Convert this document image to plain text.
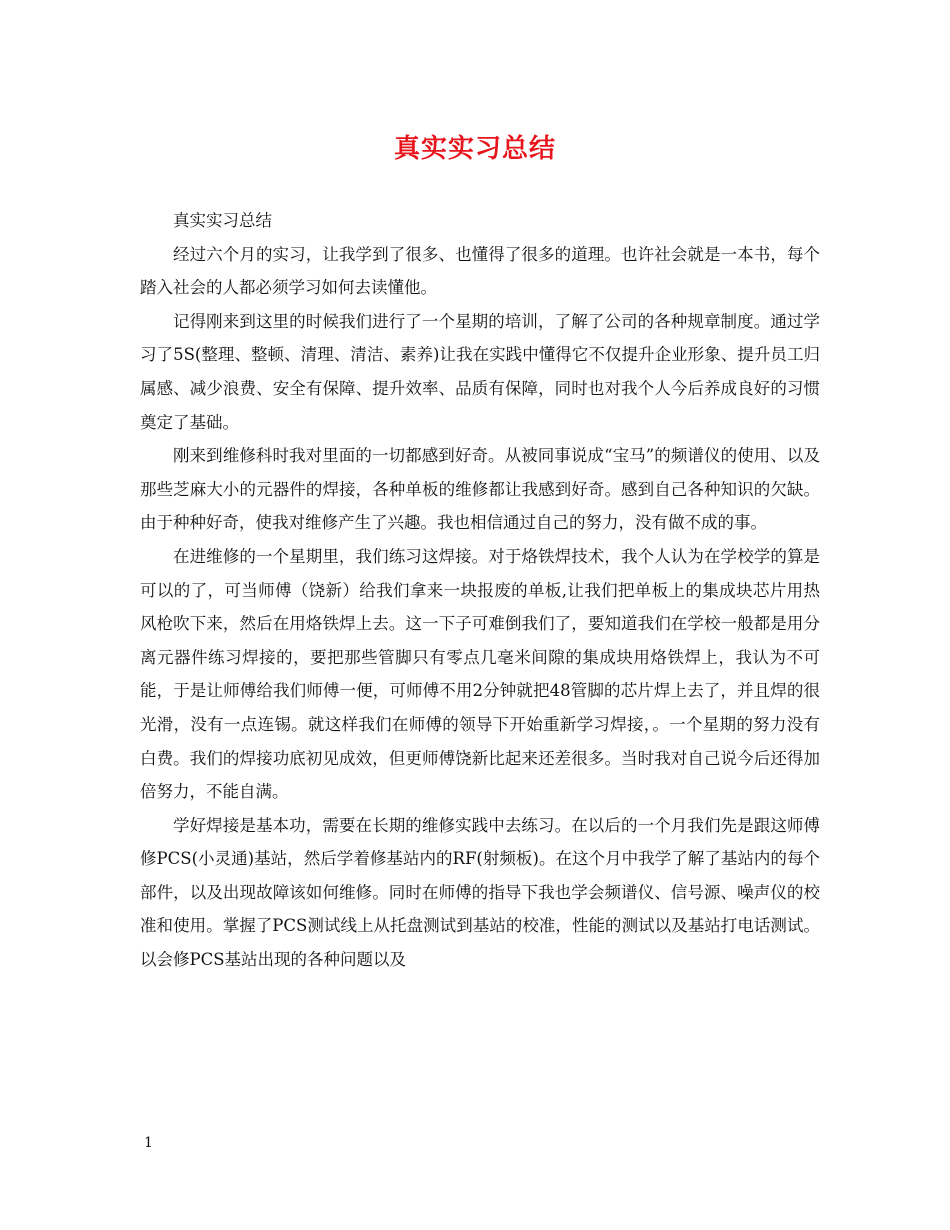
真实实习总结

真实实习总结

经过六个月的实习，让我学到了很多、也懂得了很多的道理。也许社会就是一本书，每个踏入社会的人都必须学习如何去读懂他。

记得刚来到这里的时候我们进行了一个星期的培训，了解了公司的各种规章制度。通过学习了5S(整理、整顿、清理、清洁、素养)让我在实践中懂得它不仅提升企业形象、提升员工归属感、减少浪费、安全有保障、提升效率、品质有保障，同时也对我个人今后养成良好的习惯奠定了基础。

刚来到维修科时我对里面的一切都感到好奇。从被同事说成“宝马”的频谱仪的使用、以及那些芝麻大小的元器件的焊接，各种单板的维修都让我感到好奇。感到自己各种知识的欠缺。由于种种好奇，使我对维修产生了兴趣。我也相信通过自己的努力，没有做不成的事。

在进维修的一个星期里，我们练习这焊接。对于烙铁焊技术，我个人认为在学校学的算是可以的了，可当师傅（饶新）给我们拿来一块报废的单板,让我们把单板上的集成块芯片用热风枪吹下来，然后在用烙铁焊上去。这一下子可难倒我们了，要知道我们在学校一般都是用分离元器件练习焊接的，要把那些管脚只有零点几毫米间隙的集成块用烙铁焊上，我认为不可能，于是让师傅给我们师傅一便，可师傅不用2分钟就把48管脚的芯片焊上去了，并且焊的很光滑，没有一点连锡。就这样我们在师傅的领导下开始重新学习焊接，。一个星期的努力没有白费。我们的焊接功底初见成效，但更师傅饶新比起来还差很多。当时我对自己说今后还得加倍努力，不能自满。

学好焊接是基本功，需要在长期的维修实践中去练习。在以后的一个月我们先是跟这师傅修PCS(小灵通)基站，然后学着修基站内的RF(射频板)。在这个月中我学了解了基站内的每个部件，以及出现故障该如何维修。同时在师傅的指导下我也学会频谱仪、信号源、噪声仪的校准和使用。掌握了PCS测试线上从托盘测试到基站的校准，性能的测试以及基站打电话测试。以会修PCS基站出现的各种问题以及

1
